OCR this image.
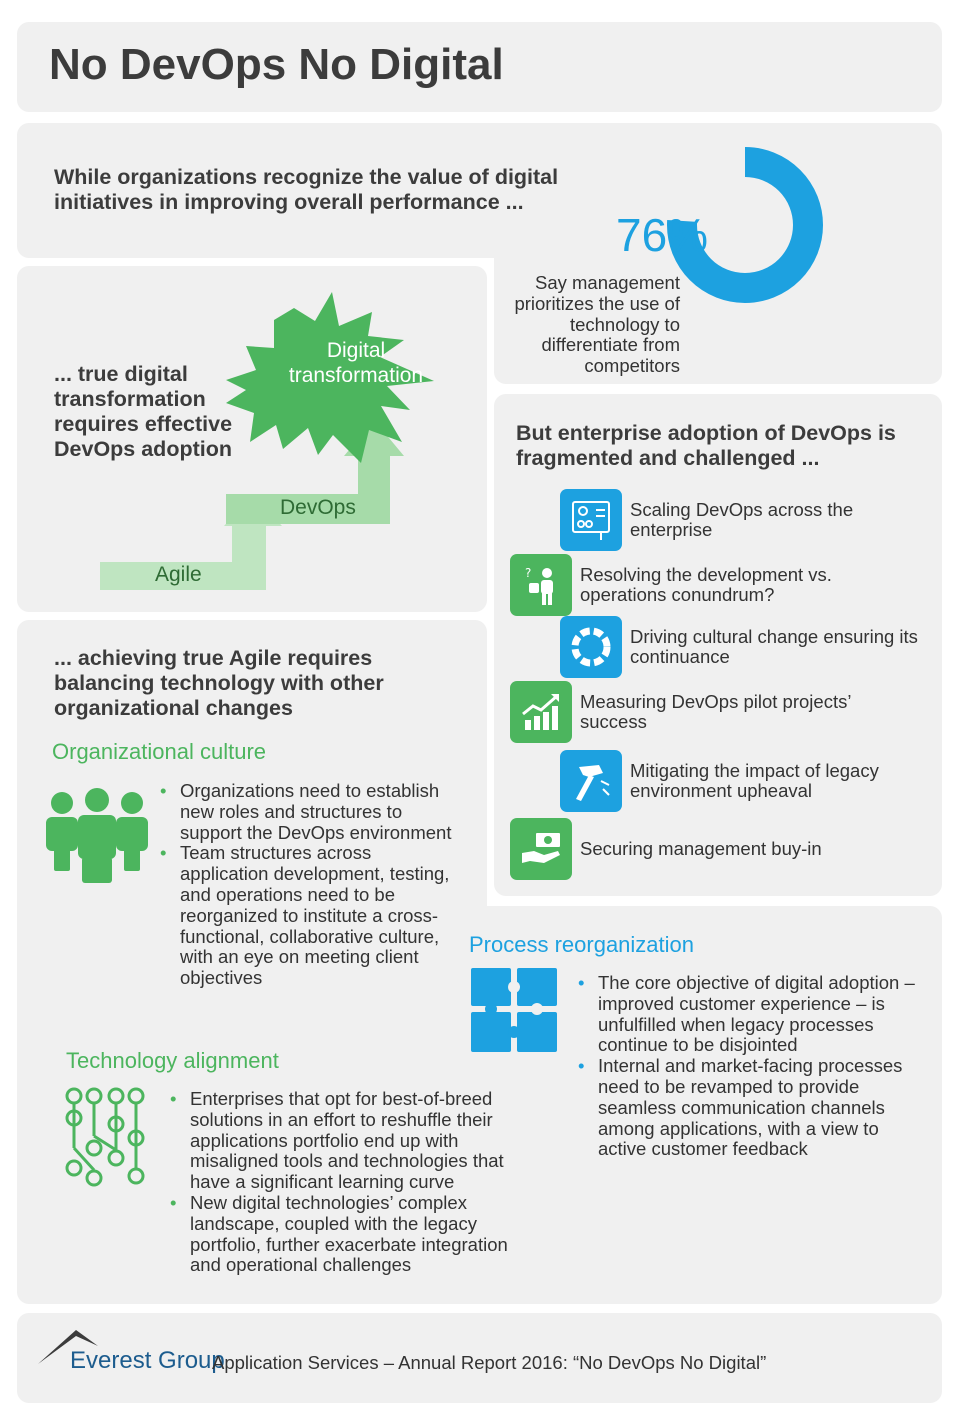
No DevOps No Digital
While organizations recognize the value of digital initiatives in improving overall performance ...
76%
Say management prioritizes the use of technology to differentiate from competitors
... true digital transformation requires effective DevOps adoption
Agile
DevOps
Digital transformation
But enterprise adoption of DevOps is fragmented and challenged ...
Scaling DevOps across the enterprise
?	Resolving the development vs. operations conundrum?
Driving cultural change ensuring its continuance
Measuring DevOps pilot projects’ success
Mitigating the impact of legacy environment upheaval
Securing management buy-in
... achieving true Agile requires balancing technology with other organizational changes
Organizational culture
• Organizations need to establish new roles and structures to support the DevOps environment
• Team structures across application development, testing, and operations need to be reorganized to institute a cross-functional, collaborative culture, with an eye on meeting client objectives
Process reorganization
• The core objective of digital adoption – improved customer experience – is unfulfilled when legacy processes continue to be disjointed
• Internal and market-facing processes need to be revamped to provide seamless communication channels among applications, with a view to active customer feedback
Technology alignment
• Enterprises that opt for best-of-breed solutions in an effort to reshuffle their applications portfolio end up with misaligned tools and technologies that have a significant learning curve
• New digital technologies’ complex landscape, coupled with the legacy portfolio, further exacerbate integration and operational challenges
Everest Group
Application Services – Annual Report 2016: “No DevOps No Digital”
